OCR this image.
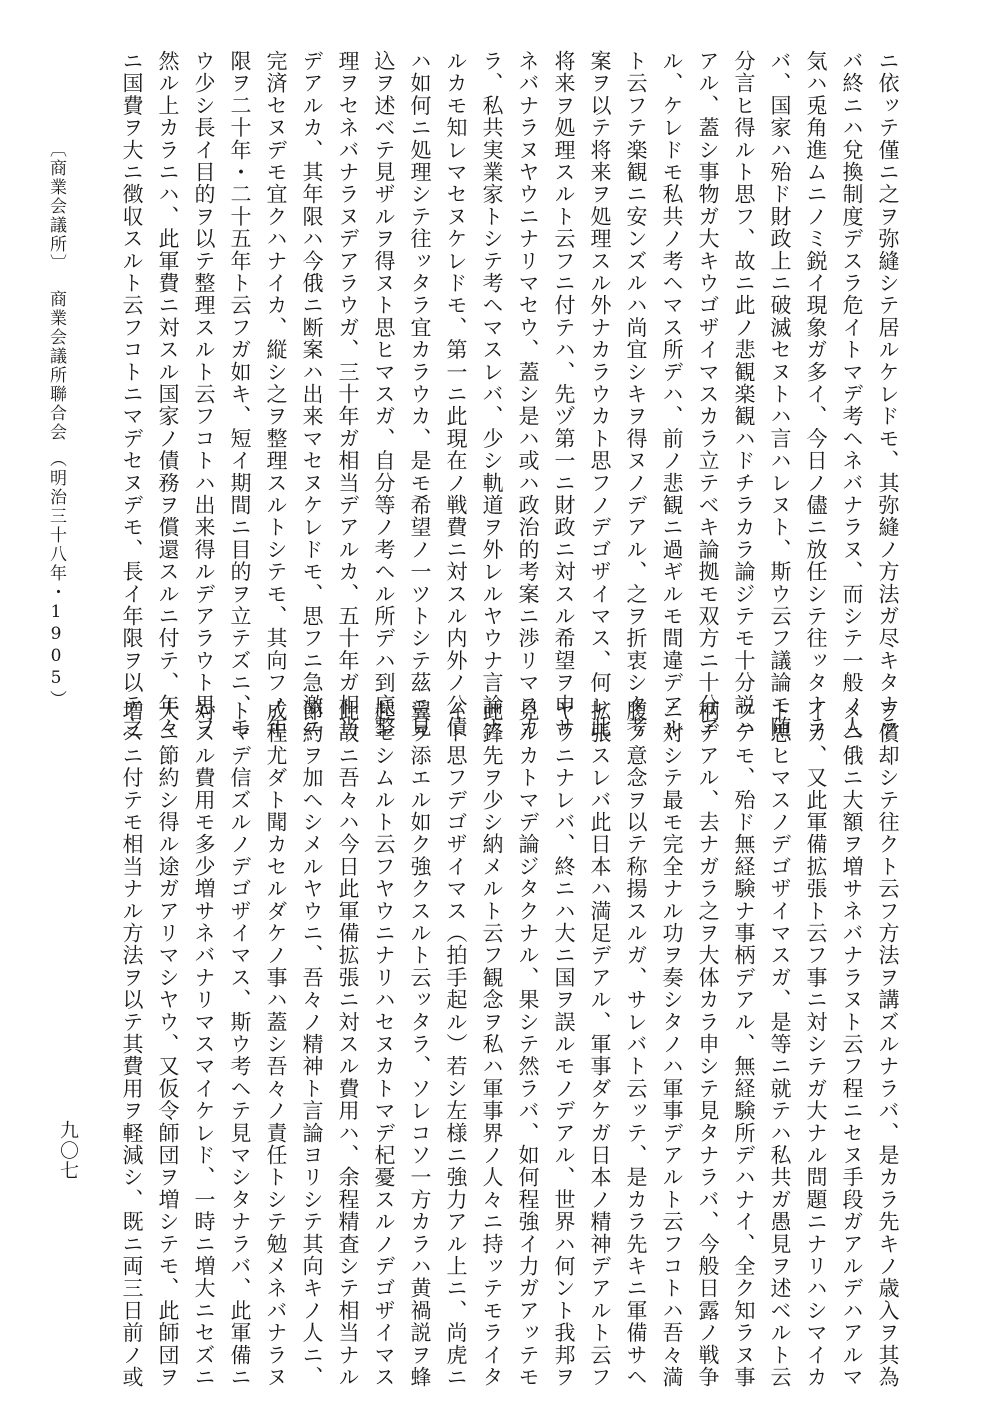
ニ依ッテ僅ニ之ヲ弥縫シテ居ルケレドモ、其弥縫ノ方法ガ尽キタナラ

バ終ニハ兌換制度デスラ危イトマデ考ヘネバナラヌ、而シテ一般ノ人

気ハ兎角進ムニノミ鋭イ現象ガ多イ、今日ノ儘ニ放任シテ往ッタナラ

バ、国家ハ殆ド財政上ニ破滅セヌトハ言ハレヌト、斯ウ云フ議論モ随

分言ヒ得ルト思フ、故ニ此ノ悲観楽観ハドチラカラ論ジテモ十分説ハ

アル、蓋シ事物ガ大キウゴザイマスカラ立テベキ論拠モ双方ニ十分ア

ル、ケレドモ私共ノ考ヘマス所デハ、前ノ悲観ニ過ギルモ間違デアル

ト云フテ楽観ニ安ンズルハ尚宜シキヲ得ヌノデアル、之ヲ折衷シタ考

案ヲ以テ将来ヲ処理スル外ナカラウカト思フノデゴザイマス、何レ此

将来ヲ処理スルト云フニ付テハ、先ヅ第一ニ財政ニ対スル希望ヲ申サ

ネバナラヌヤウニナリマセウ、蓋シ是ハ或ハ政治的考案ニ渉リマスカ

ラ、私共実業家トシテ考ヘマスレバ、少シ軌道ヲ外レルヤウナ言論ナ

ルカモ知レマセヌケレドモ、第一ニ此現在ノ戦費ニ対スル内外ノ公債

ハ如何ニ処理シテ往ッタラ宜カラウカ、是モ希望ノ一ツトシテ茲ニ見

込ヲ述ベテ見ザルヲ得ヌト思ヒマスガ、自分等ノ考ヘル所デハ到底整

理ヲセネバナラヌデアラウガ、三十年ガ相当デアルカ、五十年ガ相当

デアルカ、其年限ハ今俄ニ断案ハ出来マセヌケレドモ、思フニ急激ニ

完済セヌデモ宜クハナイカ、縦シ之ヲ整理スルトシテモ、其向フノ年

限ヲ二十年・二十五年ト云フガ如キ、短イ期間ニ目的ヲ立テズニ、モ

ウ少シ長イ目的ヲ以テ整理スルト云フコトハ出来得ルデアラウト思フ

然ル上カラニハ、此軍費ニ対スル国家ノ債務ヲ償還スルニ付テ、年々

ニ国費ヲ大ニ徴収スルト云フコトニマデセヌデモ、長イ年限ヲ以テ之

〔商業会議所〕

商業会議所聯合会

（明治三十八年・1905）

ヲ償却シテ往クト云フ方法ヲ講ズルナラバ、是カラ先キノ歳入ヲ其為

メニ俄ニ大額ヲ増サネバナラヌト云フ程ニセヌ手段ガアルデハアルマ

イカ、又此軍備拡張ト云フ事ニ対シテガ大ナル問題ニナリハシマイカ

ト思ヒマスノデゴザイマスガ、是等ニ就テハ私共ガ愚見ヲ述ベルト云

フテモ、殆ド無経験ナ事柄デアル、無経験所デハナイ、全ク知ラヌ事

柄デアル、去ナガラ之ヲ大体カラ申シテ見タナラバ、今般日露ノ戦争

ニ対シテ最モ完全ナル功ヲ奏シタノハ軍事デアルト云フコトハ吾々満

腹ノ意念ヲ以テ称揚スルガ、サレバト云ッテ、是カラ先キニ軍備サヘ

拡張スレバ此日本ハ満足デアル、軍事ダケガ日本ノ精神デアルト云フ

ヤウニナレバ、終ニハ大ニ国ヲ誤ルモノデアル、世界ハ何ント我邦ヲ

見ルカトマデ論ジタクナル、果シテ然ラバ、如何程強イ力ガアッテモ

此鋒先ヲ少シ納メルト云フ観念ヲ私ハ軍事界ノ人々ニ持ッテモライタ

イト思フデゴザイマス（拍手起ル）若シ左様ニ強力アル上ニ、尚虎ニ

翼ヲ添エル如ク強クスルト云ッタラ、ソレコソ一方カラハ黄禍説ヲ蜂

起セシムルト云フヤウニナリハセヌカトマデ杞憂スルノデゴザイマス

此故ニ吾々ハ今日此軍備拡張ニ対スル費用ハ、余程精査シテ相当ナル

節約ヲ加ヘシメルヤウニ、吾々ノ精神ト言論ヨリシテ其向キノ人ニ、

成程尤ダト聞カセルダケノ事ハ蓋シ吾々ノ責任トシテ勉メネバナラヌ

トマデ信ズルノデゴザイマス、斯ウ考ヘテ見マシタナラバ、此軍備ニ

対スル費用モ多少増サネバナリマスマイケレド、一時ニ増大ニセズニ

大ニ節約シ得ル途ガアリマシヤウ、又仮令師団ヲ増シテモ、此師団ヲ

増スニ付テモ相当ナル方法ヲ以テ其費用ヲ軽減シ、既ニ両三日前ノ或

九〇七
